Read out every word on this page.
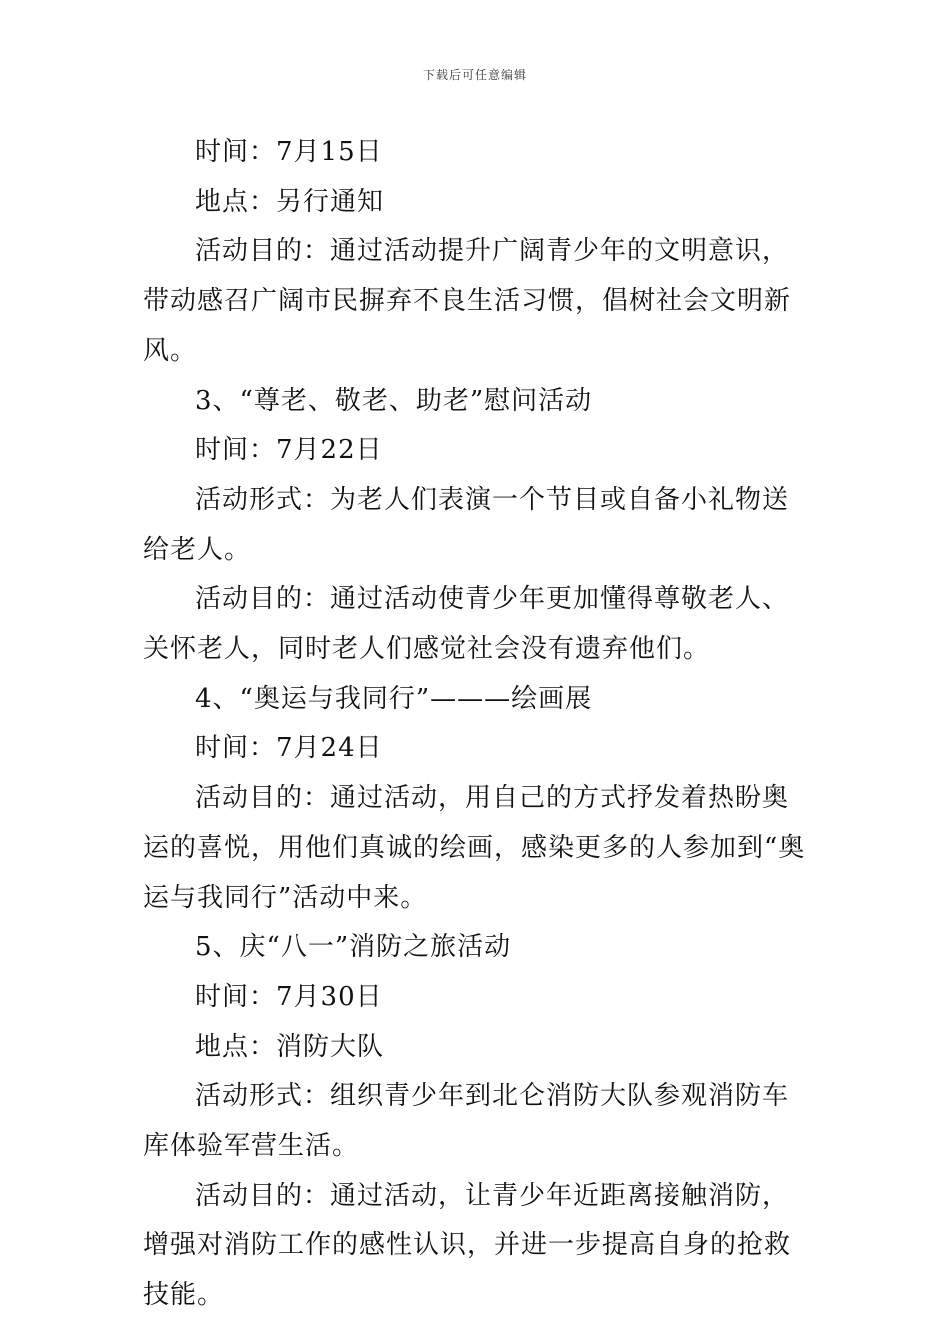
下载后可任意编辑

时间：7月15日

地点：另行通知

活动目的：通过活动提升广阔青少年的文明意识，带动感召广阔市民摒弃不良生活习惯，倡树社会文明新风。

3、“尊老、敬老、助老”慰问活动

时间：7月22日

活动形式：为老人们表演一个节目或自备小礼物送给老人。

活动目的：通过活动使青少年更加懂得尊敬老人、关怀老人，同时老人们感觉社会没有遗弃他们。

4、“奥运与我同行”———绘画展

时间：7月24日

活动目的：通过活动，用自己的方式抒发着热盼奥运的喜悦，用他们真诚的绘画，感染更多的人参加到“奥运与我同行”活动中来。

5、庆“八一”消防之旅活动

时间：7月30日

地点：消防大队

活动形式：组织青少年到北仑消防大队参观消防车库体验军营生活。

活动目的：通过活动，让青少年近距离接触消防，增强对消防工作的感性认识，并进一步提高自身的抢救技能。
